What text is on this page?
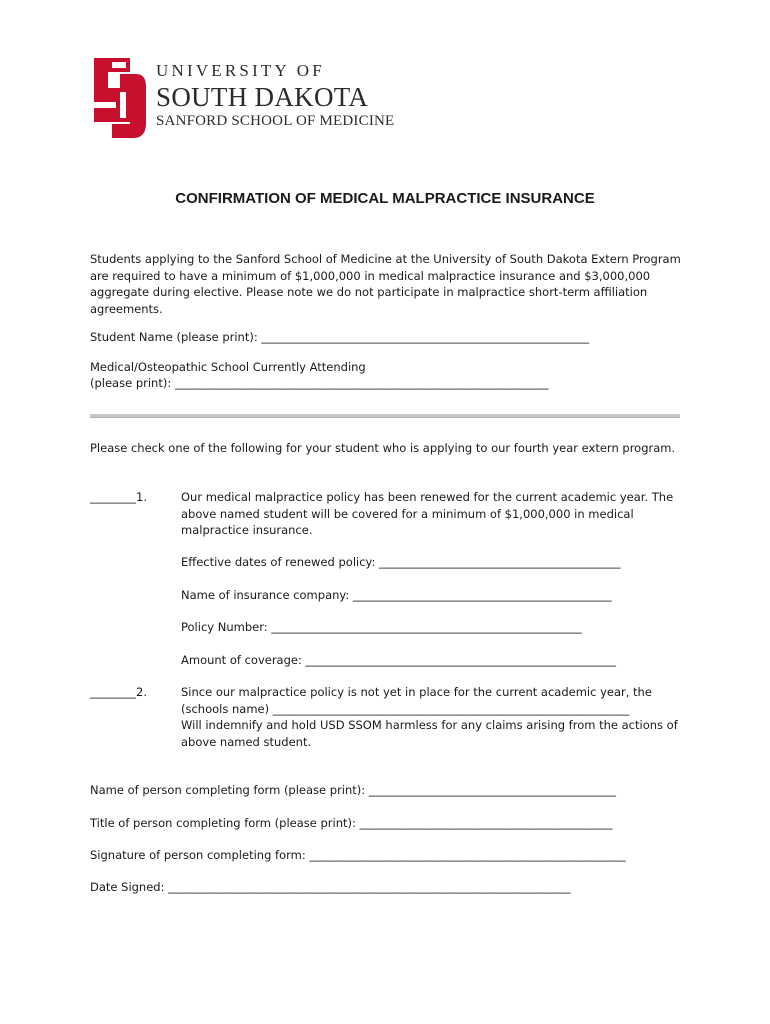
UNIVERSITY OF
SOUTH DAKOTA
SANFORD SCHOOL OF MEDICINE
CONFIRMATION OF MEDICAL MALPRACTICE INSURANCE
Students applying to the Sanford School of Medicine at the University of South Dakota Extern Program
are required to have a minimum of $1,000,000 in medical malpractice insurance and $3,000,000
aggregate during elective. Please note we do not participate in malpractice short-term affiliation
agreements.
Student Name (please print): _________________________________________________________
Medical/Osteopathic School Currently Attending
(please print): _________________________________________________________________
Please check one of the following for your student who is applying to our fourth year extern program.
________1.	Our medical malpractice policy has been renewed for the current academic year. The
above named student will be covered for a minimum of $1,000,000 in medical
malpractice insurance.
Effective dates of renewed policy: __________________________________________
Name of insurance company: _____________________________________________
Policy Number: ______________________________________________________
Amount of coverage: ______________________________________________________
________2.	Since our malpractice policy is not yet in place for the current academic year, the
(schools name) ______________________________________________________________
Will indemnify and hold USD SSOM harmless for any claims arising from the actions of
above named student.
Name of person completing form (please print): ___________________________________________
Title of person completing form (please print): ____________________________________________
Signature of person completing form: _______________________________________________________
Date Signed: ______________________________________________________________________
